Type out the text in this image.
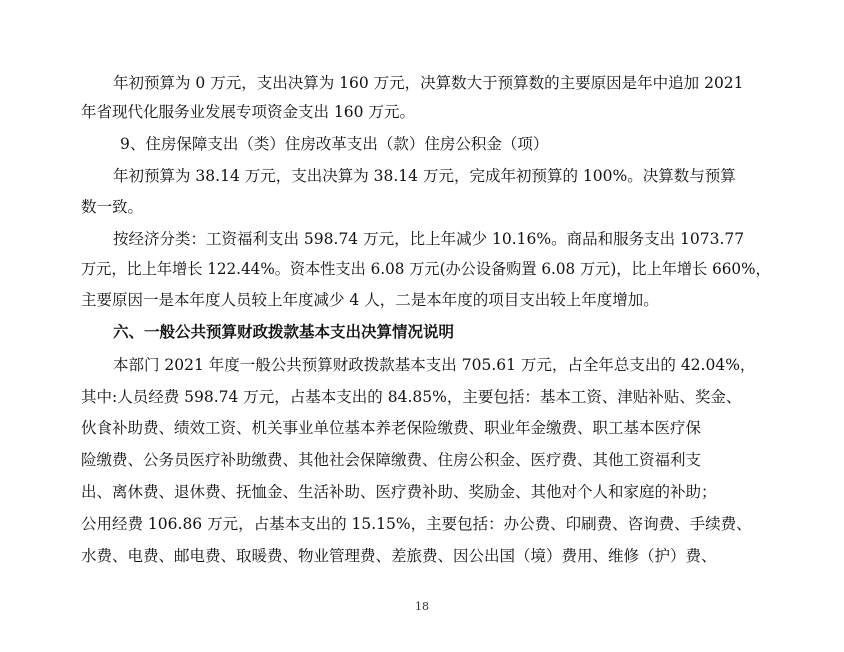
年初预算为 0 万元，支出决算为 160 万元，决算数大于预算数的主要原因是年中追加 2021
年省现代化服务业发展专项资金支出 160 万元。
9、住房保障支出（类）住房改革支出（款）住房公积金（项）
年初预算为 38.14 万元，支出决算为 38.14 万元，完成年初预算的 100%。决算数与预算
数一致。
按经济分类：工资福利支出 598.74 万元，比上年减少 10.16%。商品和服务支出 1073.77
万元，比上年增长 122.44%。资本性支出 6.08 万元(办公设备购置 6.08 万元)，比上年增长 660%，
主要原因一是本年度人员较上年度减少 4 人，二是本年度的项目支出较上年度增加。
六、一般公共预算财政拨款基本支出决算情况说明
本部门 2021 年度一般公共预算财政拨款基本支出 705.61 万元，占全年总支出的 42.04%，
其中:人员经费 598.74 万元，占基本支出的 84.85%，主要包括：基本工资、津贴补贴、奖金、
伙食补助费、绩效工资、机关事业单位基本养老保险缴费、职业年金缴费、职工基本医疗保
险缴费、公务员医疗补助缴费、其他社会保障缴费、住房公积金、医疗费、其他工资福利支
出、离休费、退休费、抚恤金、生活补助、医疗费补助、奖励金、其他对个人和家庭的补助；
公用经费 106.86 万元，占基本支出的 15.15%，主要包括：办公费、印刷费、咨询费、手续费、
水费、电费、邮电费、取暖费、物业管理费、差旅费、因公出国（境）费用、维修（护）费、
18
